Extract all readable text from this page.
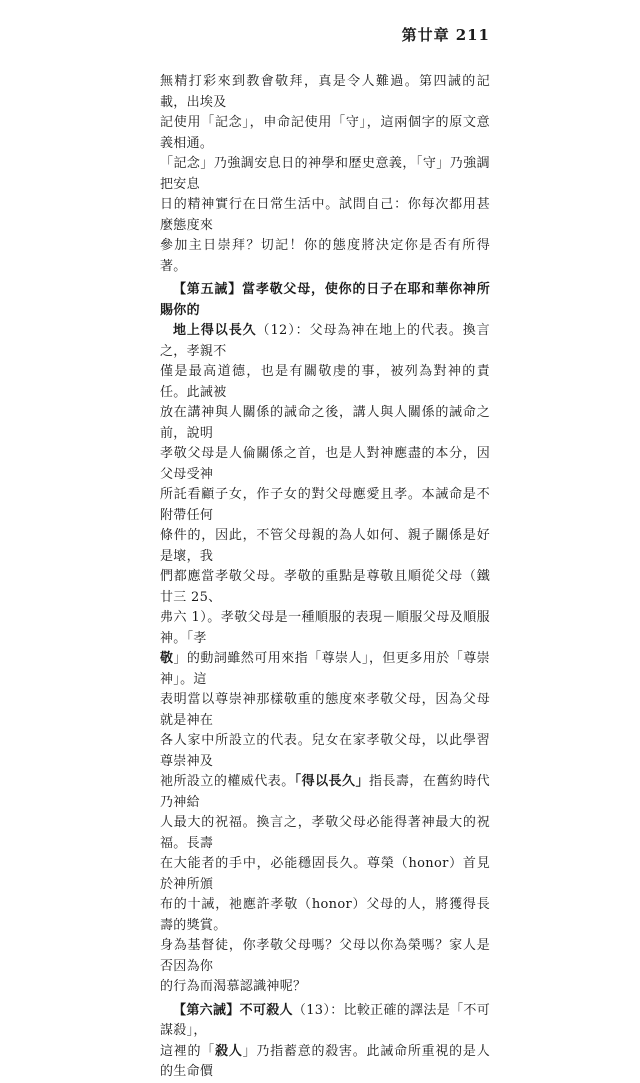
第廿章 211
無精打彩來到教會敬拜，真是令人難過。第四誡的記載，出埃及
記使用「記念」，申命記使用「守」，這兩個字的原文意義相通。
「記念」乃強調安息日的神學和歷史意義，「守」乃強調把安息
日的精神實行在日常生活中。試問自己：你每次都用甚麼態度來
參加主日崇拜？切記！你的態度將決定你是否有所得著。
【第五誡】當孝敬父母，使你的日子在耶和華你神所賜你的
地上得以長久（12）：父母為神在地上的代表。換言之，孝親不
僅是最高道德，也是有關敬虔的事，被列為對神的責任。此誡被
放在講神與人關係的誡命之後，講人與人關係的誡命之前，說明
孝敬父母是人倫關係之首，也是人對神應盡的本分，因父母受神
所託看顧子女，作子女的對父母應愛且孝。本誡命是不附帶任何
條件的，因此，不管父母親的為人如何、親子關係是好是壞，我
們都應當孝敬父母。孝敬的重點是尊敬且順從父母（鐵廿三 25、
弗六 1）。孝敬父母是一種順服的表現－順服父母及順服神。「孝
敬」的動詞雖然可用來指「尊崇人」，但更多用於「尊崇神」。這
表明當以尊崇神那樣敬重的態度來孝敬父母，因為父母就是神在
各人家中所設立的代表。兒女在家孝敬父母，以此學習尊崇神及
祂所設立的權威代表。「得以長久」指長壽，在舊約時代乃神給
人最大的祝福。換言之，孝敬父母必能得著神最大的祝福。長壽
在大能者的手中，必能穩固長久。尊榮（honor）首見於神所頒
布的十誡，祂應許孝敬（honor）父母的人，將獲得長壽的獎賞。
身為基督徒，你孝敬父母嗎？父母以你為榮嗎？家人是否因為你
的行為而渴慕認識神呢？
【第六誡】不可殺人（13）：比較正確的譯法是「不可謀殺」，
這裡的「殺人」乃指蓄意的殺害。此誡命所重視的是人的生命價
